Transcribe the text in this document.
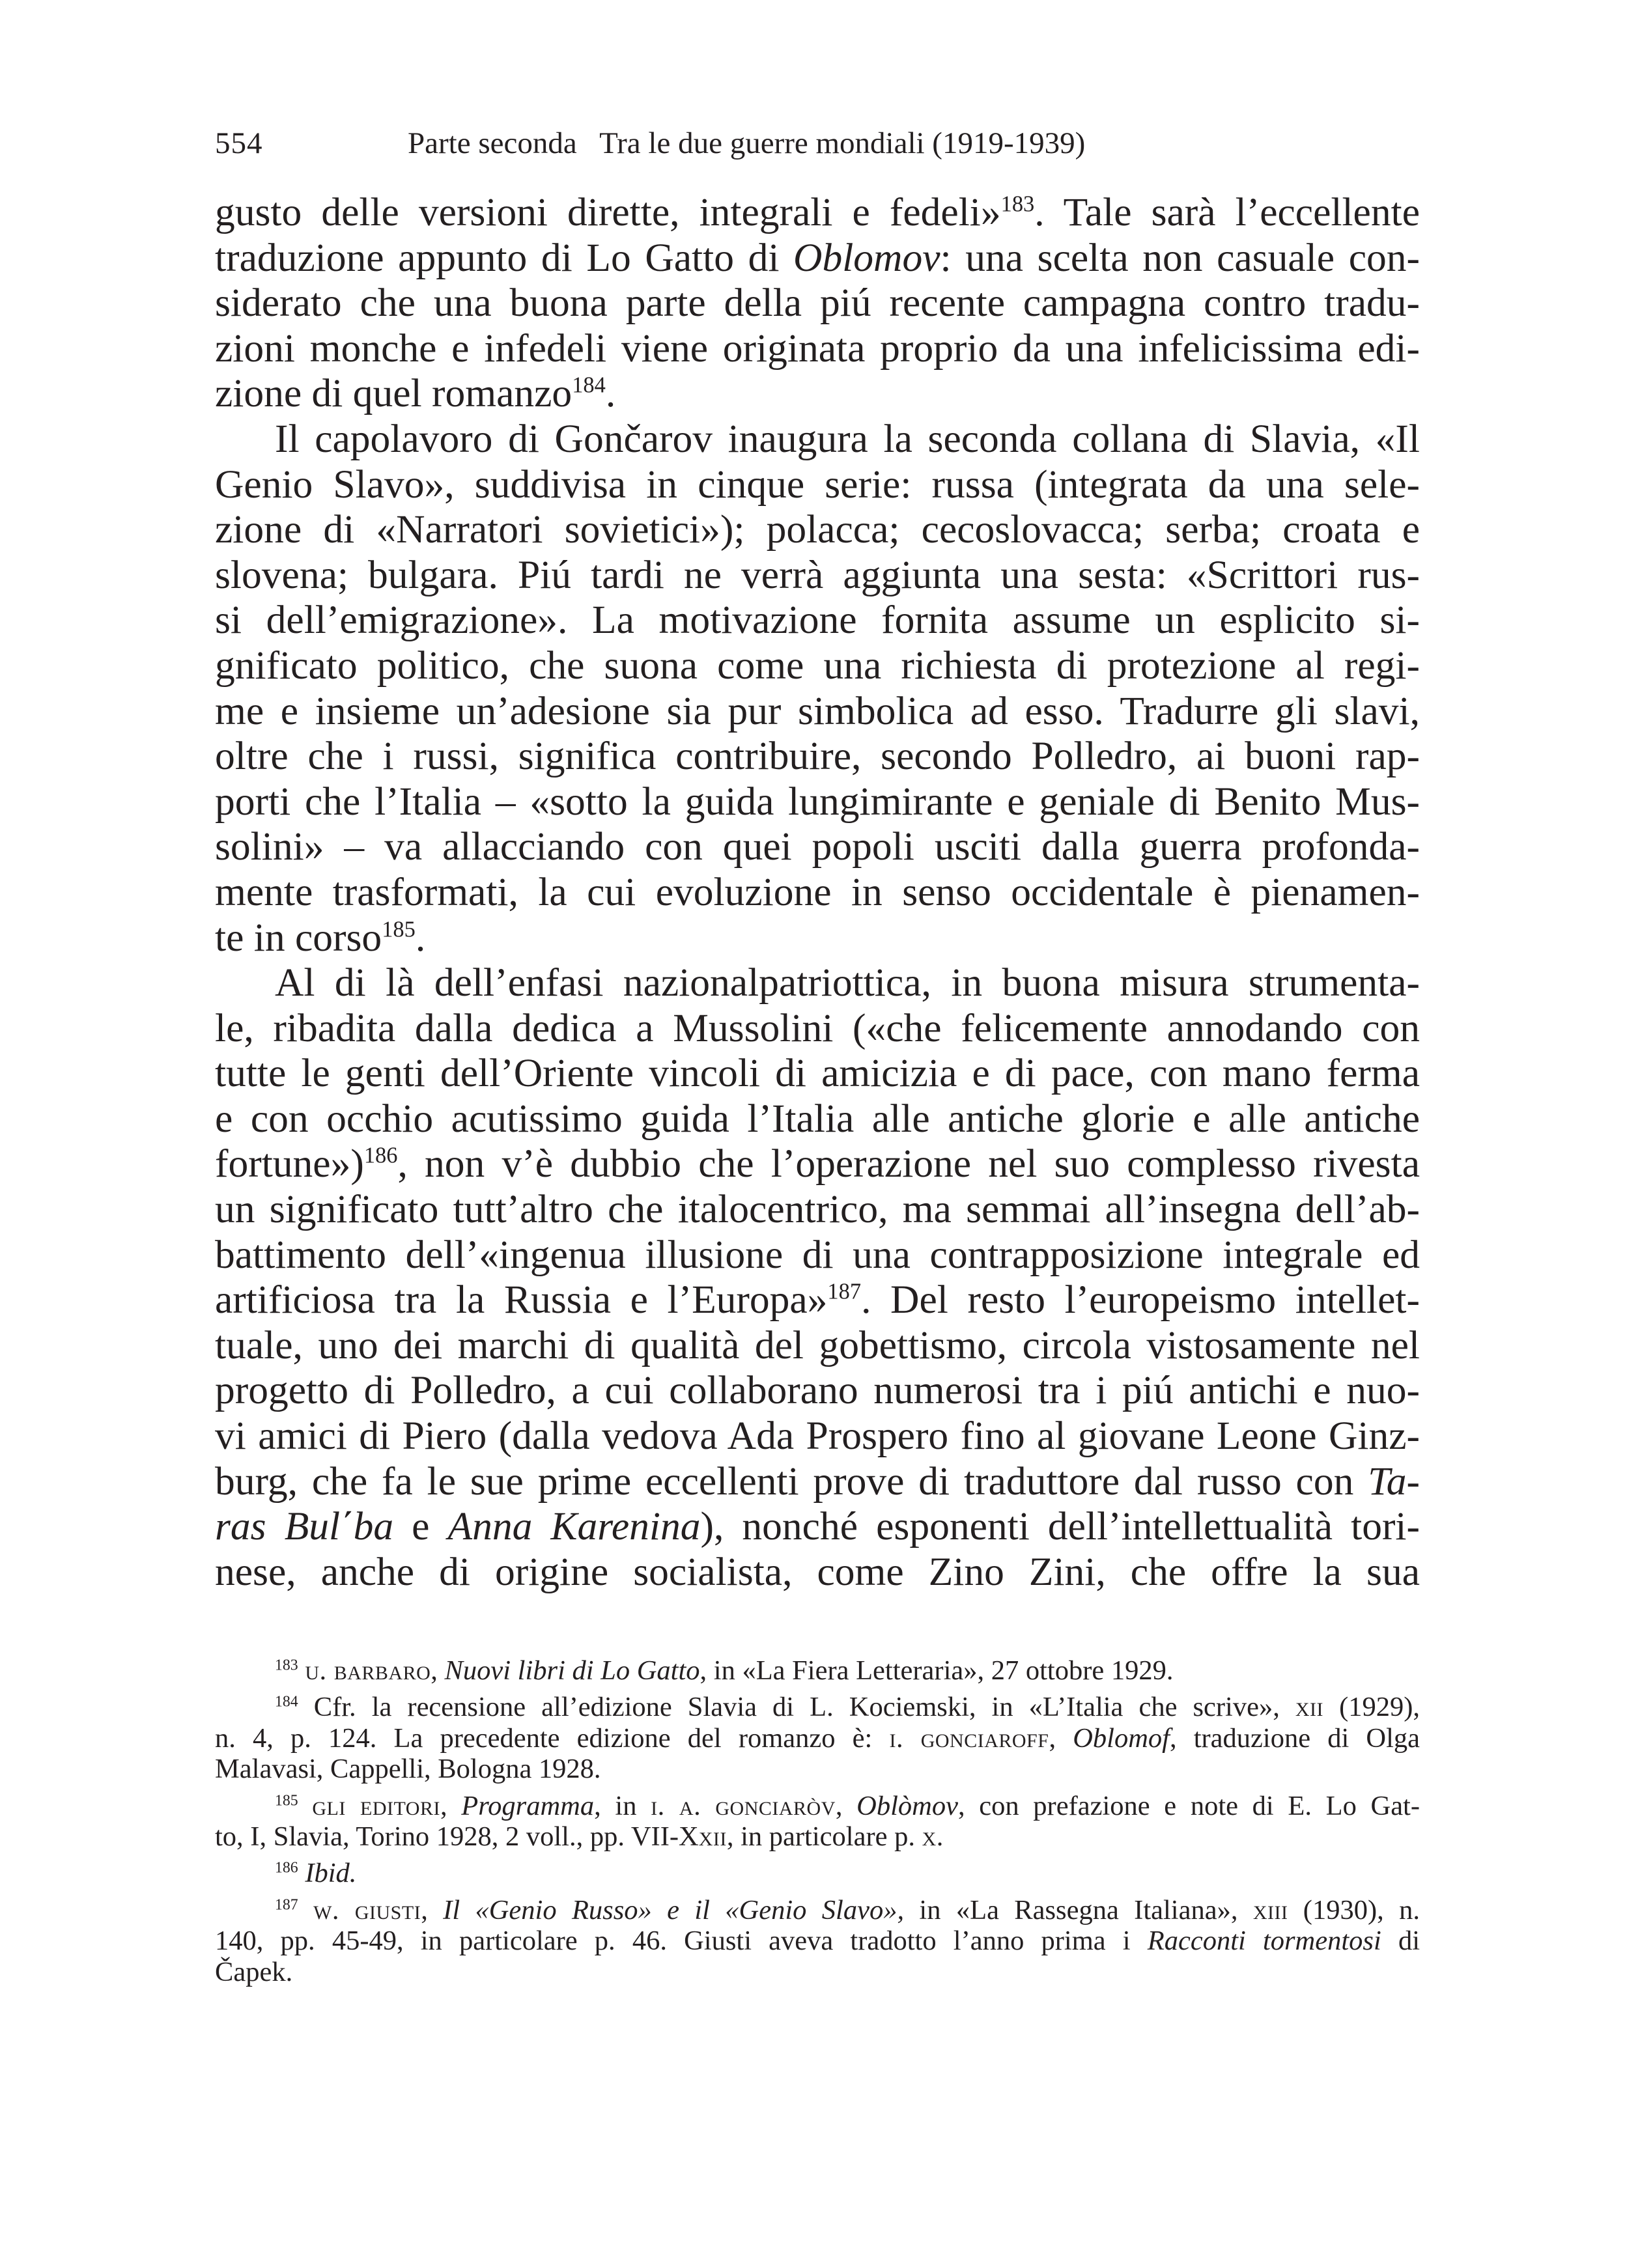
554	Parte seconda   Tra le due guerre mondiali (1919-1939)
gusto delle versioni dirette, integrali e fedeli»$^{183}$. Tale sarà l’eccellente
traduzione appunto di Lo Gatto di Oblomov: una scelta non casuale con-
siderato che una buona parte della piú recente campagna contro tradu-
zioni monche e infedeli viene originata proprio da una infelicissima edi-
zione di quel romanzo$^{184}$.
Il capolavoro di Gončarov inaugura la seconda collana di Slavia, «Il
Genio Slavo», suddivisa in cinque serie: russa (integrata da una sele-
zione di «Narratori sovietici»); polacca; cecoslovacca; serba; croata e
slovena; bulgara. Piú tardi ne verrà aggiunta una sesta: «Scrittori rus-
si dell’emigrazione». La motivazione fornita assume un esplicito si-
gnificato politico, che suona come una richiesta di protezione al regi-
me e insieme un’adesione sia pur simbolica ad esso. Tradurre gli slavi,
oltre che i russi, significa contribuire, secondo Polledro, ai buoni rap-
porti che l’Italia – «sotto la guida lungimirante e geniale di Benito Mus-
solini» – va allacciando con quei popoli usciti dalla guerra profonda-
mente trasformati, la cui evoluzione in senso occidentale è pienamen-
te in corso$^{185}$.
Al di là dell’enfasi nazionalpatriottica, in buona misura strumenta-
le, ribadita dalla dedica a Mussolini («che felicemente annodando con
tutte le genti dell’Oriente vincoli di amicizia e di pace, con mano ferma
e con occhio acutissimo guida l’Italia alle antiche glorie e alle antiche
fortune»)$^{186}$, non v’è dubbio che l’operazione nel suo complesso rivesta
un significato tutt’altro che italocentrico, ma semmai all’insegna dell’ab-
battimento dell’«ingenua illusione di una contrapposizione integrale ed
artificiosa tra la Russia e l’Europa»$^{187}$. Del resto l’europeismo intellet-
tuale, uno dei marchi di qualità del gobettismo, circola vistosamente nel
progetto di Polledro, a cui collaborano numerosi tra i piú antichi e nuo-
vi amici di Piero (dalla vedova Ada Prospero fino al giovane Leone Ginz-
burg, che fa le sue prime eccellenti prove di traduttore dal russo con Ta-
ras Bul΄ba e Anna Karenina), nonché esponenti dell’intellettualità tori-
nese, anche di origine socialista, come Zino Zini, che offre la sua
$^{183}$ u. barbaro, Nuovi libri di Lo Gatto, in «La Fiera Letteraria», 27 ottobre 1929.
$^{184}$ Cfr. la recensione all’edizione Slavia di L. Kociemski, in «L’Italia che scrive», xii (1929),
n. 4, p. 124. La precedente edizione del romanzo è: i. gonciaroff, Oblomof, traduzione di Olga
Malavasi, Cappelli, Bologna 1928.
$^{185}$ gli editori, Programma, in i. a. gonciaròv, Oblòmov, con prefazione e note di E. Lo Gat-
to, I, Slavia, Torino 1928, 2 voll., pp. VII-Xxii, in particolare p. x.
$^{186}$ Ibid.
$^{187}$ w. giusti, Il «Genio Russo» e il «Genio Slavo», in «La Rassegna Italiana», xiii (1930), n.
140, pp. 45-49, in particolare p. 46. Giusti aveva tradotto l’anno prima i Racconti tormentosi di
Čapek.
